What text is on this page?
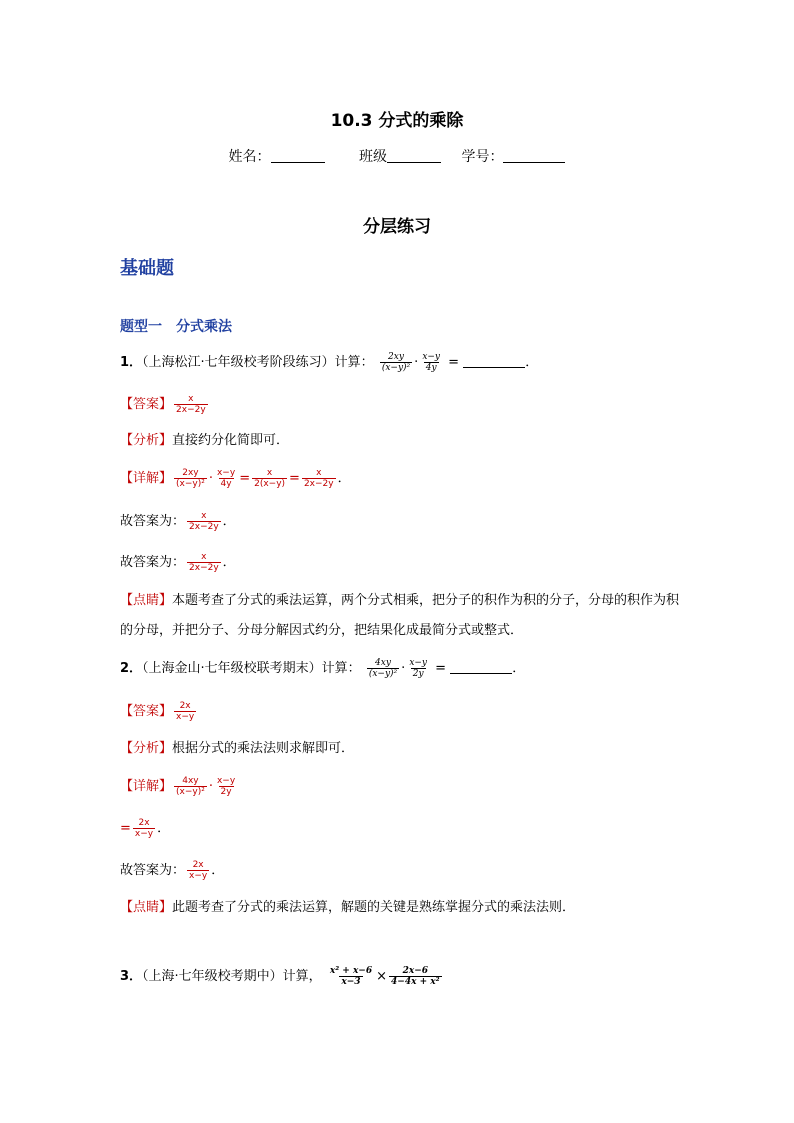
10.3 分式的乘除
姓名：	班级	学号：
分层练习
基础题
题型一　分式乘法
1．（上海松江·七年级校考阶段练习）计算： $\frac{2xy}{\text{(x−y)²}} \cdot \frac{x-y}{4y}$ =	．
【答案】 $\frac{x}{2x-2y}$
【分析】直接约分化简即可．
【详解】 $\frac{2xy}{\text{(x−y)²}} \cdot \frac{x-y}{4y} = \frac{x}{2(x-y)} = \frac{x}{2x-2y}$ ．
故答案为： $\frac{x}{2x-2y}$ ．
故答案为： $\frac{x}{2x-2y}$ ．
【点睛】本题考查了分式的乘法运算，两个分式相乘，把分子的积作为积的分子，分母的积作为积的分母，并把分子、分母分解因式约分，把结果化成最简分式或整式．
2．（上海金山·七年级校联考期末）计算： $\frac{4xy}{\text{(x−y)²}} \cdot \frac{x-y}{2y}$ =	．
【答案】 $\frac{2x}{x-y}$
【分析】根据分式的乘法法则求解即可．
【详解】 $\frac{4xy}{\text{(x−y)²}} \cdot \frac{x-y}{2y}$
= $\frac{2x}{x-y}$ ．
故答案为： $\frac{2x}{x-y}$ ．
【点睛】此题考查了分式的乘法运算，解题的关键是熟练掌握分式的乘法法则．
3．（上海·七年级校考期中）计算， $\frac{\text{x² + x−6}}{x-3} \times \frac{2x-6}{\text{4−4x + x²}}$
